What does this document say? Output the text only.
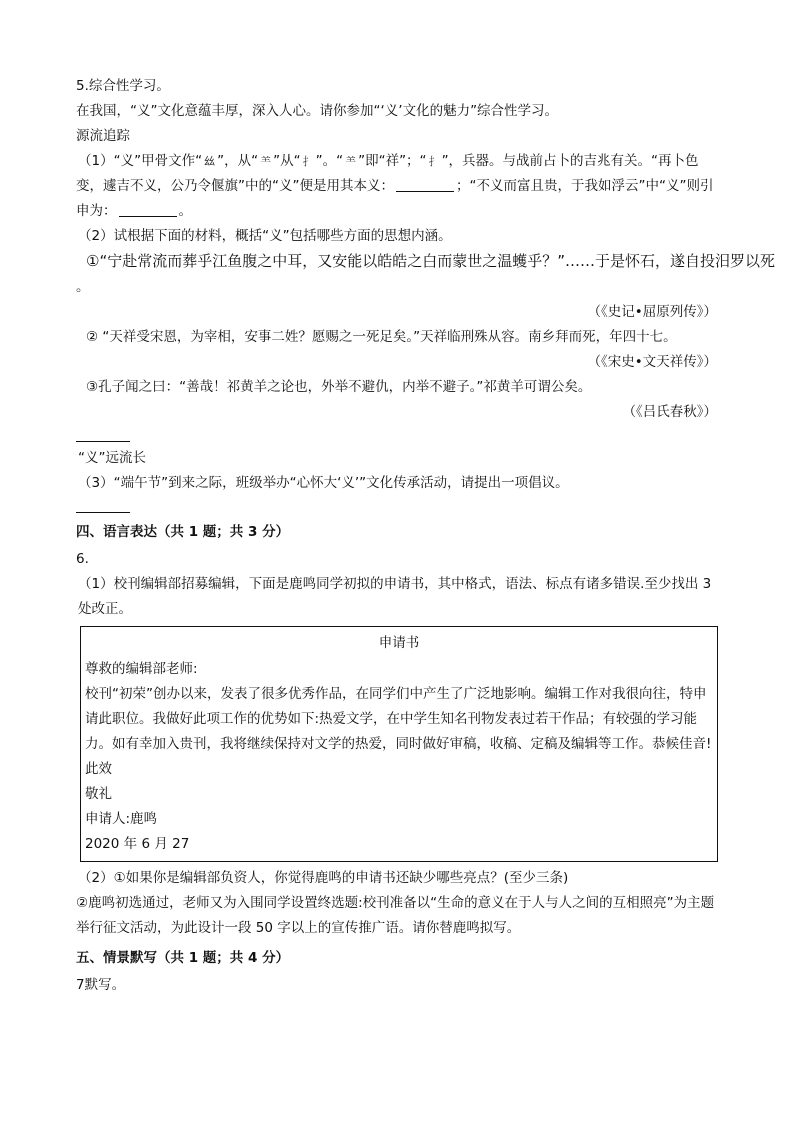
5.综合性学习。
在我国，“义”文化意蕴丰厚，深入人心。请你参加“‘义’文化的魅力”综合性学习。
源流追踪
（1）“义”甲骨文作“ 𢆶 ”，从“ ⺷ ”从“ 扌 ”。“ ⺷ ”即“祥”；“ 扌 ”，兵器。与战前占卜的吉兆有关。“再卜色
变，遽吉不义，公乃令偃旗”中的“义”便是用其本义：	；“不义而富且贵，于我如浮云”中“义”则引
申为：	。
（2）试根据下面的材料，概括“义”包括哪些方面的思想内涵。
①“宁赴常流而葬乎江鱼腹之中耳，又安能以皓皓之白而蒙世之温蠖乎？”……于是怀石，遂自投汨罗以死
。
（《史记•屈原列传》）
② “天祥受宋恩，为宰相，安事二姓？愿赐之一死足矣。”天祥临刑殊从容。南乡拜而死，年四十七。
（《宋史•文天祥传》）
③孔子闻之曰：“善哉！祁黄羊之论也，外举不避仇，内举不避子。”祁黄羊可谓公矣。
（《吕氏春秋》）
“义”远流长
（3）“端午节”到来之际，班级举办“心怀大‘义’”文化传承活动，请提出一项倡议。
四、语言表达（共 1 题；共 3 分）
6.
（1）校刊编辑部招募编辑，下面是鹿鸣同学初拟的申请书，其中格式，语法、标点有诸多错误.至少找出 3 处改正。
申请书
尊救的编辑部老师:
校刊“初荣”创办以来，发表了很多优秀作品，在同学们中产生了广泛地影响。编辑工作对我很向往，特申请此职位。我做好此项工作的优势如下:热爱文学，在中学生知名刊物发表过若干作品；有较强的学习能力。如有幸加入贵刊，我将继续保持对文学的热爱，同时做好审稿，收稿、定稿及编辑等工作。恭候佳音!
此效
敬礼
申请人:鹿鸣
2020 年 6 月 27
（2）①如果你是编辑部负资人，你觉得鹿鸣的申请书还缺少哪些亮点？(至少三条)
②鹿鸣初选通过，老师又为入围同学设置终选题:校刊准备以“生命的意义在于人与人之间的互相照亮”为主题举行征文活动，为此设计一段 50 字以上的宣传推广语。请你替鹿鸣拟写。
五、情景默写（共 1 题；共 4 分）
7默写。
